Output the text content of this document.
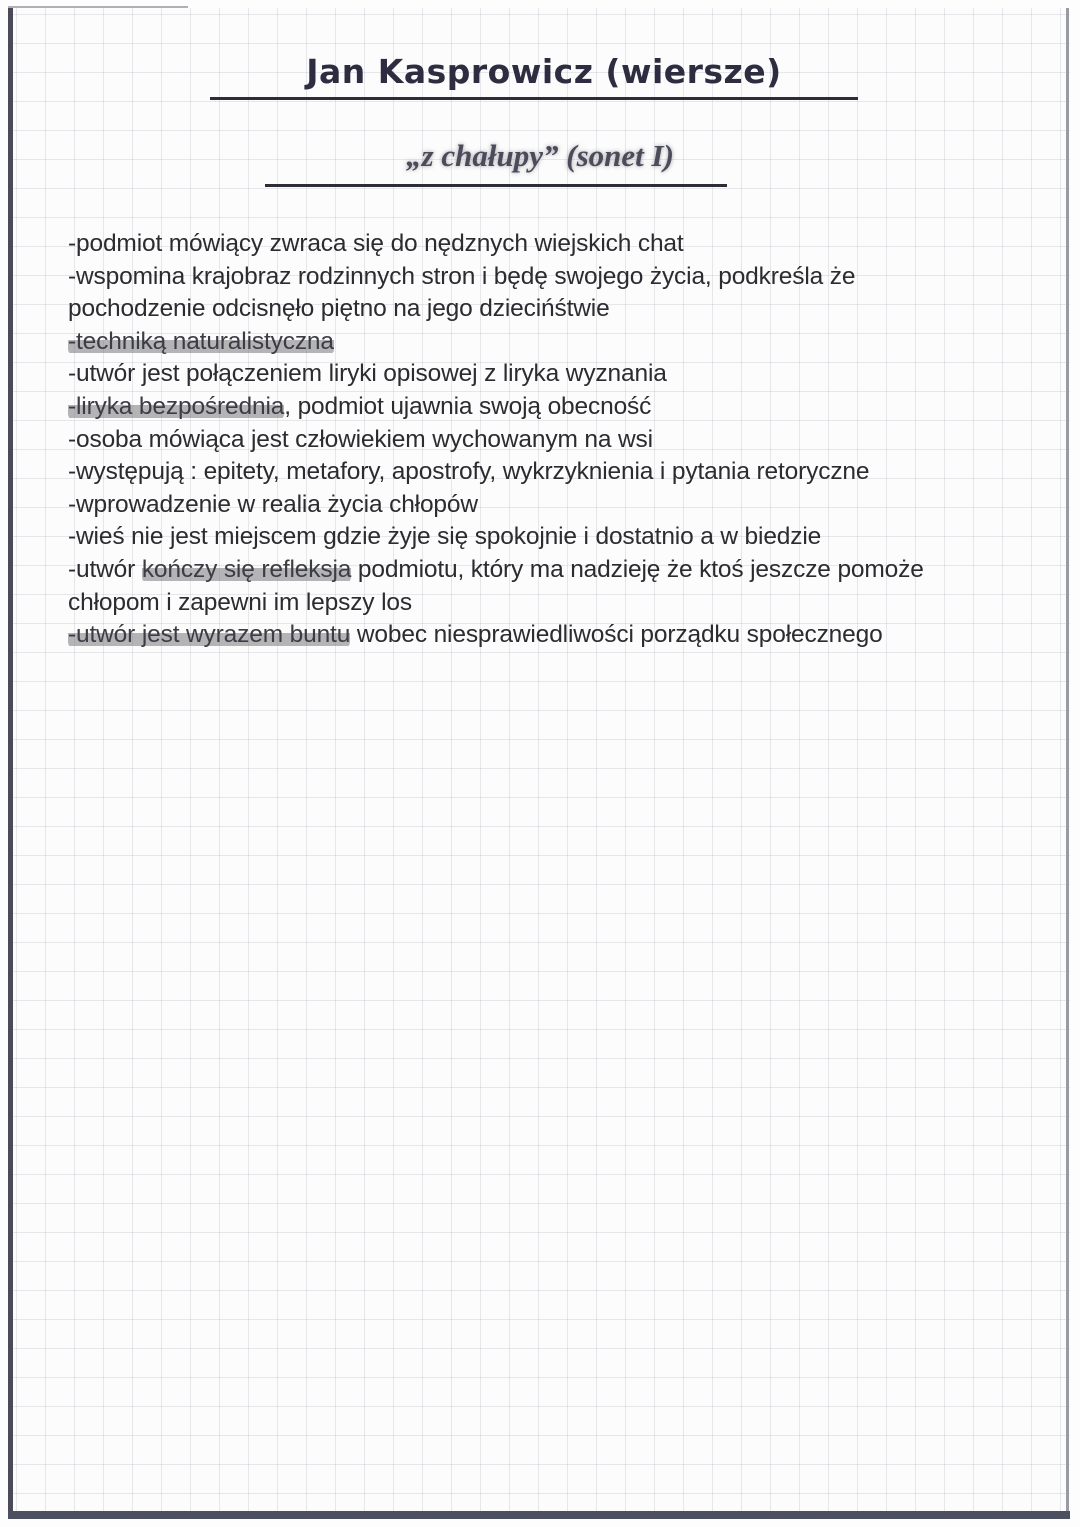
Jan Kasprowicz (wiersze)
„z chałupy” (sonet I)
-podmiot mówiący zwraca się do nędznych wiejskich chat
-wspomina krajobraz rodzinnych stron i będę swojego życia, podkreśla że
pochodzenie odcisnęło piętno na jego dziecińśtwie
-techniką naturalistyczna
-utwór jest połączeniem liryki opisowej z liryka wyznania
-liryka bezpośrednia, podmiot ujawnia swoją obecność
-osoba mówiąca jest człowiekiem wychowanym na wsi
-występują : epitety, metafory, apostrofy, wykrzyknienia i pytania retoryczne
-wprowadzenie w realia życia chłopów
-wieś nie jest miejscem gdzie żyje się spokojnie i dostatnio a w biedzie
-utwór kończy się refleksja podmiotu, który ma nadzieję że ktoś jeszcze pomoże
chłopom i zapewni im lepszy los
-utwór jest wyrazem buntu wobec niesprawiedliwości porządku społecznego
